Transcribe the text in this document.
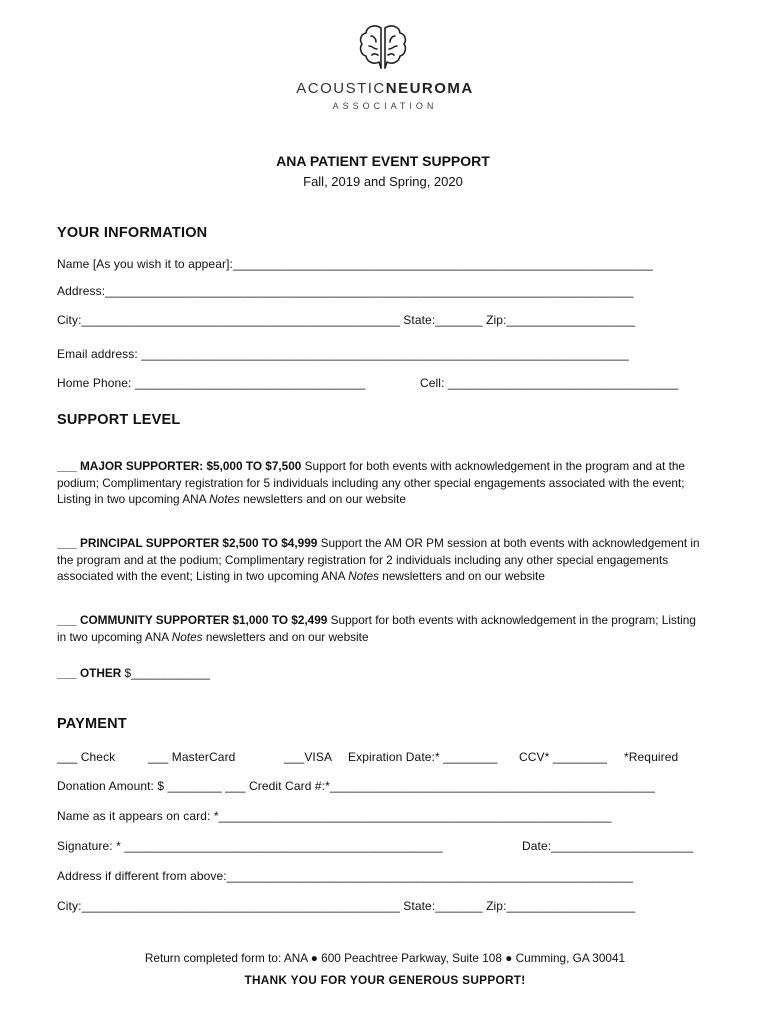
ACOUSTICNEUROMA
ASSOCIATION
ANA PATIENT EVENT SUPPORT
Fall, 2019 and Spring, 2020
YOUR INFORMATION
Name [As you wish it to appear]:______________________________________________________________
Address:______________________________________________________________________________
City:_______________________________________________ State:_______ Zip:___________________
Email address: ________________________________________________________________________
Home Phone: __________________________________	Cell: __________________________________
SUPPORT LEVEL
___ MAJOR SUPPORTER: $5,000 TO $7,500 Support for both events with acknowledgement in the program and at the podium; Complimentary registration for 5 individuals including any other special engagements associated with the event; Listing in two upcoming ANA Notes newsletters and on our website
___ PRINCIPAL SUPPORTER $2,500 TO $4,999 Support the AM OR PM session at both events with acknowledgement in the program and at the podium; Complimentary registration for 2 individuals including any other special engagements associated with the event; Listing in two upcoming ANA Notes newsletters and on our website
___ COMMUNITY SUPPORTER $1,000 TO $2,499 Support for both events with acknowledgement in the program; Listing in two upcoming ANA Notes newsletters and on our website
___ OTHER $____________
PAYMENT
___ Check	___ MasterCard	___VISA Expiration Date:* ________ CCV* ________ *Required
Donation Amount: $ ________ ___ Credit Card #:*________________________________________________
Name as it appears on card: *__________________________________________________________
Signature: * _______________________________________________	Date:_____________________
Address if different from above:____________________________________________________________
City:_______________________________________________ State:_______ Zip:___________________
Return completed form to: ANA ● 600 Peachtree Parkway, Suite 108 ● Cumming, GA 30041
THANK YOU FOR YOUR GENEROUS SUPPORT!
